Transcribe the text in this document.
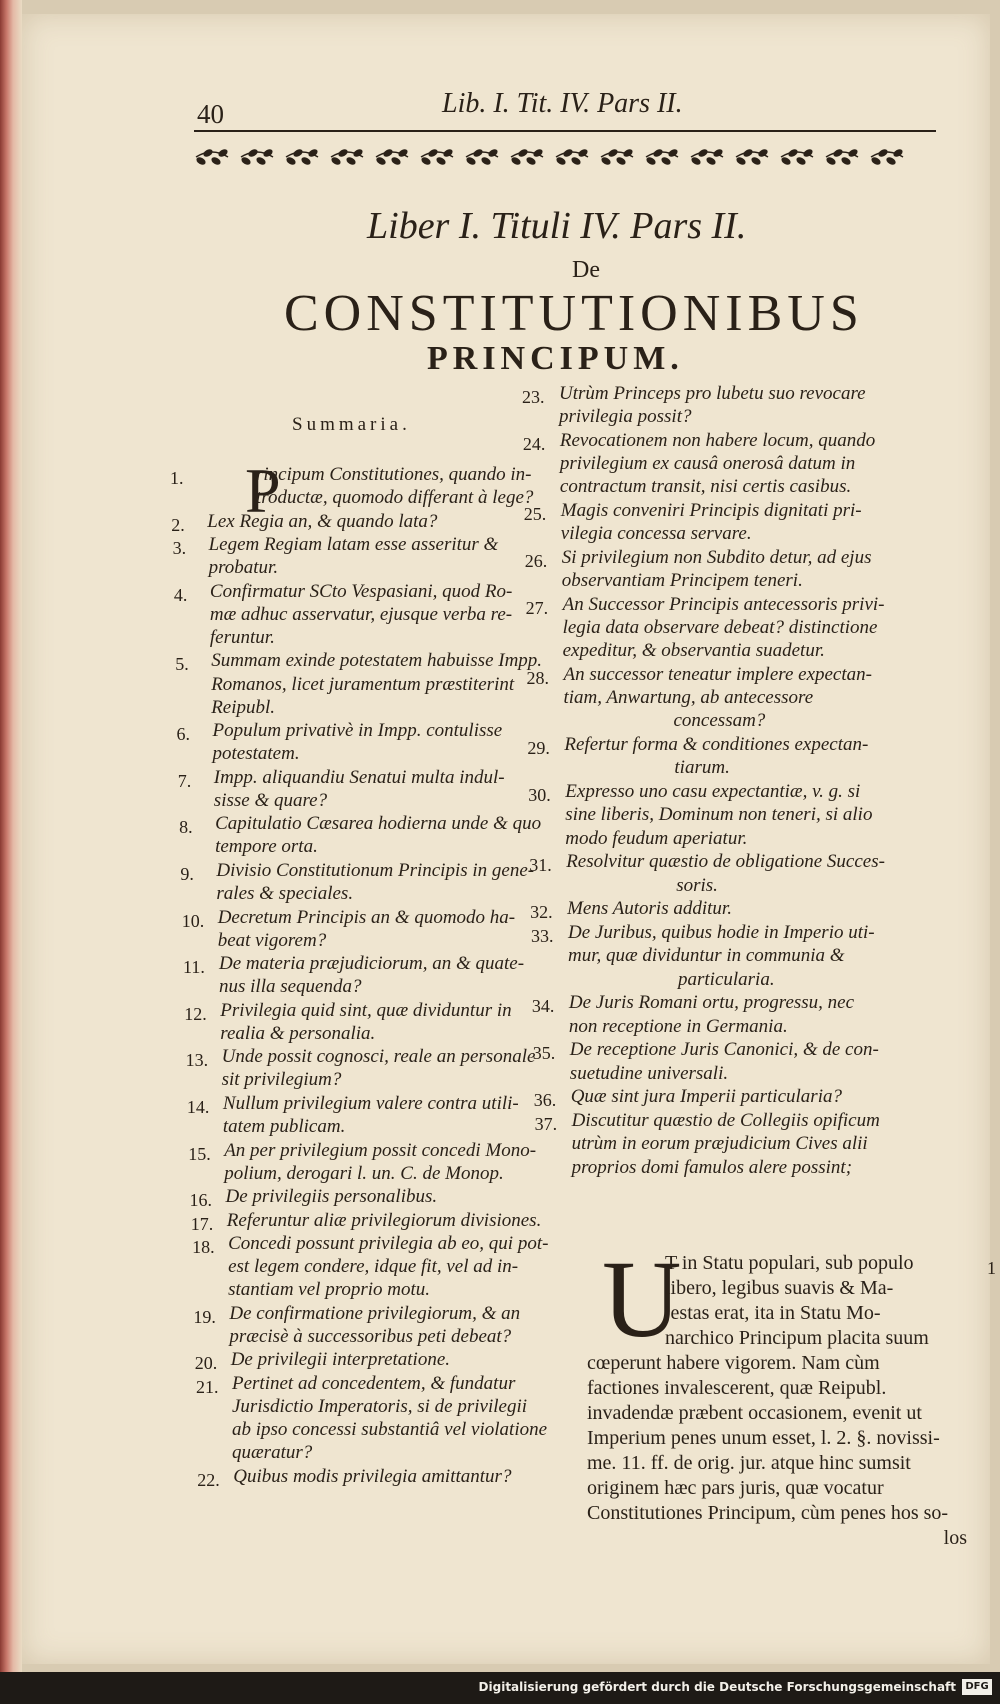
40	Lib. I. Tit. IV. Pars II.
Liber I. Tituli IV. Pars II.
De
CONSTITUTIONIBUS
PRINCIPUM.
Summaria.
1.	rincipum Constitutiones, quando in-
troductæ, quomodo differant à lege?
2. Lex Regia an, & quando lata?
3. Legem Regiam latam esse asseritur &
probatur.
4. Confirmatur SCto Vespasiani, quod Ro-
mæ adhuc asservatur, ejusque verba re-
feruntur.
5. Summam exinde potestatem habuisse Impp.
Romanos, licet juramentum præstiterint
Reipubl.
6. Populum privativè in Impp. contulisse
potestatem.
7. Impp. aliquandiu Senatui multa indul-
sisse & quare?
8. Capitulatio Cæsarea hodierna unde & quo
tempore orta.
9. Divisio Constitutionum Principis in gene-
rales & speciales.
10. Decretum Principis an & quomodo ha-
beat vigorem?
11. De materia præjudiciorum, an & quate-
nus illa sequenda?
12. Privilegia quid sint, quæ dividuntur in
realia & personalia.
13. Unde possit cognosci, reale an personale
sit privilegium?
14. Nullum privilegium valere contra utili-
tatem publicam.
15. An per privilegium possit concedi Mono-
polium, derogari l. un. C. de Monop.
16. De privilegiis personalibus.
17. Referuntur aliæ privilegiorum divisiones.
18. Concedi possunt privilegia ab eo, qui pot-
est legem condere, idque fit, vel ad in-
stantiam vel proprio motu.
19. De confirmatione privilegiorum, & an
præcisè à successoribus peti debeat?
20. De privilegii interpretatione.
21. Pertinet ad concedentem, & fundatur
Jurisdictio Imperatoris, si de privilegii
ab ipso concessi substantiâ vel violatione
quæratur?
22. Quibus modis privilegia amittantur?
23. Utrùm Princeps pro lubetu suo revocare
privilegia possit?
24. Revocationem non habere locum, quando
privilegium ex causâ onerosâ datum in
contractum transit, nisi certis casibus.
25. Magis conveniri Principis dignitati pri-
vilegia concessa servare.
26. Si privilegium non Subdito detur, ad ejus
observantiam Principem teneri.
27. An Successor Principis antecessoris privi-
legia data observare debeat? distinctione
expeditur, & observantia suadetur.
28. An successor teneatur implere expectan-
tiam, Anwartung, ab antecessore
concessam?
29. Refertur forma & conditiones expectan-
tiarum.
30. Expresso uno casu expectantiæ, v. g. si
sine liberis, Dominum non teneri, si alio
modo feudum aperiatur.
31. Resolvitur quæstio de obligatione Succes-
soris.
32. Mens Autoris additur.
33. De Juribus, quibus hodie in Imperio uti-
mur, quæ dividuntur in communia &
particularia.
34. De Juris Romani ortu, progressu, nec
non receptione in Germania.
35. De receptione Juris Canonici, & de con-
suetudine universali.
36. Quæ sint jura Imperii particularia?
37. Discutitur quæstio de Collegiis opificum
utrùm in eorum præjudicium Cives alii
proprios domi famulos alere possint;
P
U
T in Statu populari, sub populo
libero, legibus suavis & Ma-
jestas erat, ita in Statu Mo-
narchico Principum placita suum
cœperunt habere vigorem. Nam cùm
factiones invalescerent, quæ Reipubl.
invadendæ præbent occasionem, evenit ut
Imperium penes unum esset, l. 2. §. novissi-
me. 11. ff. de orig. jur. atque hinc sumsit
originem hæc pars juris, quæ vocatur
Constitutiones Principum, cùm penes hos so-
los
1
Digitalisierung gefördert durch die Deutsche Forschungsgemeinschaft DFG
